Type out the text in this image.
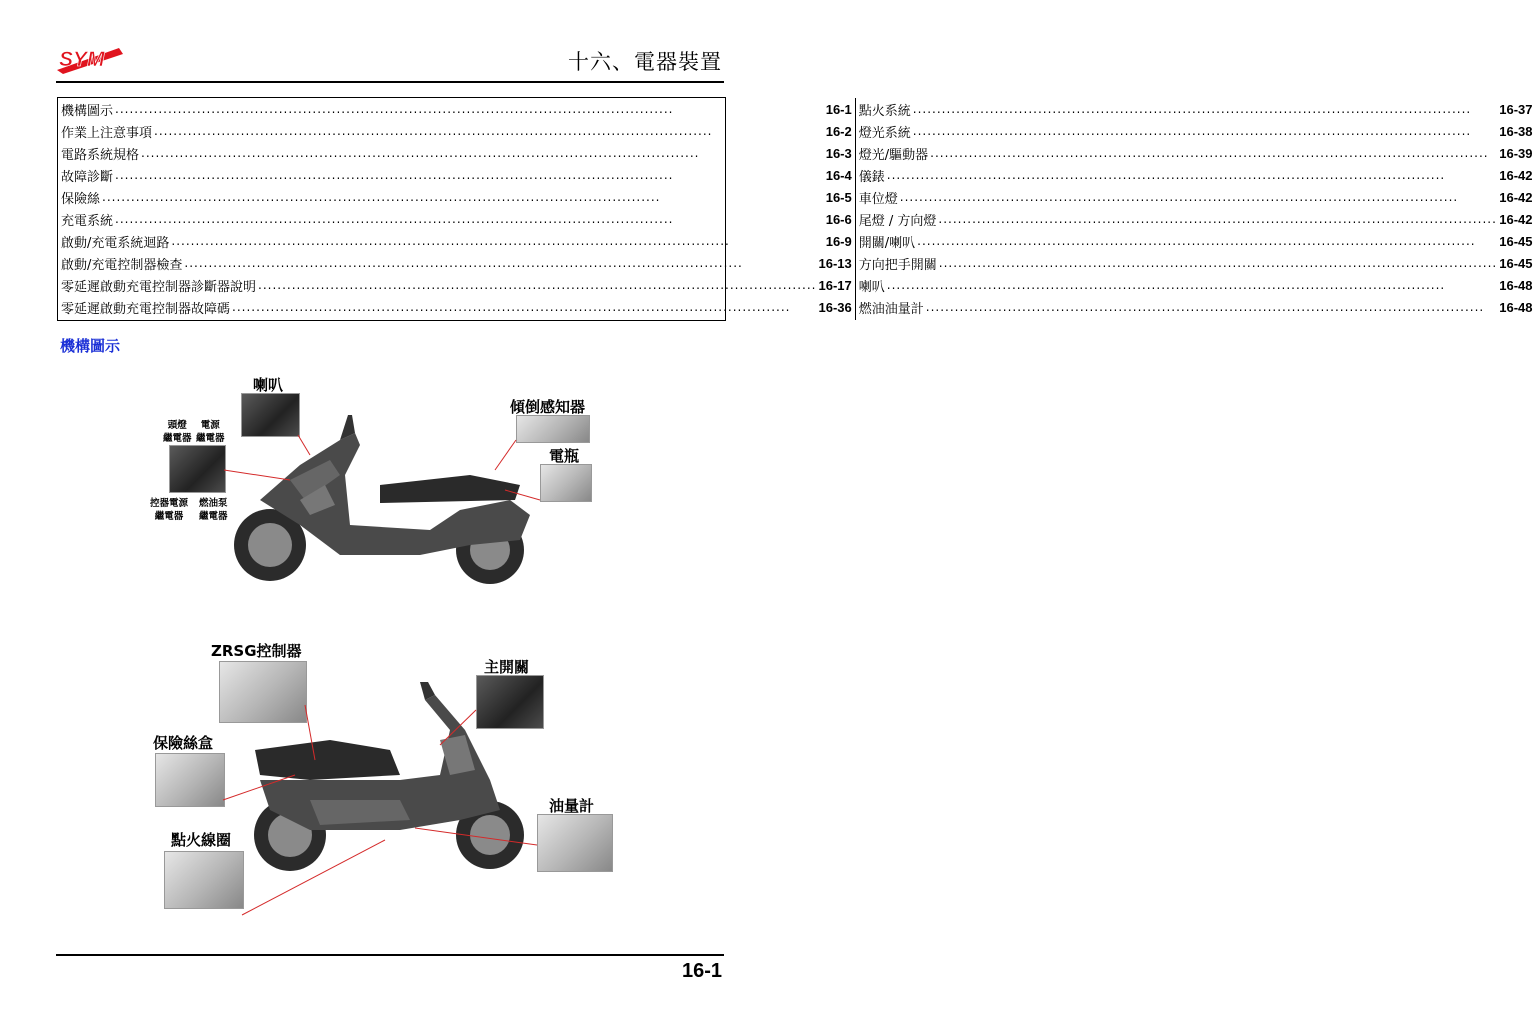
SYM	十六、電器裝置
機構圖示 .....	16-1
作業上注意事項 .....	16-2
電路系統規格 .....	16-3
故障診斷 .....	16-4
保險絲 .....	16-5
充電系統 .....	16-6
啟動/充電系統迴路 .....	16-9
啟動/充電控制器檢查 .....	16-13
零延遲啟動充電控制器診斷器說明 .....	16-17
零延遲啟動充電控制器故障碼 .....	16-36
點火系統 .....	16-37
燈光系統 .....	16-38
燈光/驅動器 .....	16-39
儀錶 .....	16-42
車位燈 .....	16-42
尾燈 / 方向燈 .....	16-42
開關/喇叭 .....	16-45
方向把手開關 .....	16-45
喇叭 .....	16-48
燃油油量計 .....	16-48
機構圖示
喇叭
頭燈
繼電器
電源
繼電器
控器電源
繼電器
燃油泵
繼電器
傾倒感知器
電瓶
ZRSG控制器
主開關
保險絲盒
油量計
點火線圈
16-1
